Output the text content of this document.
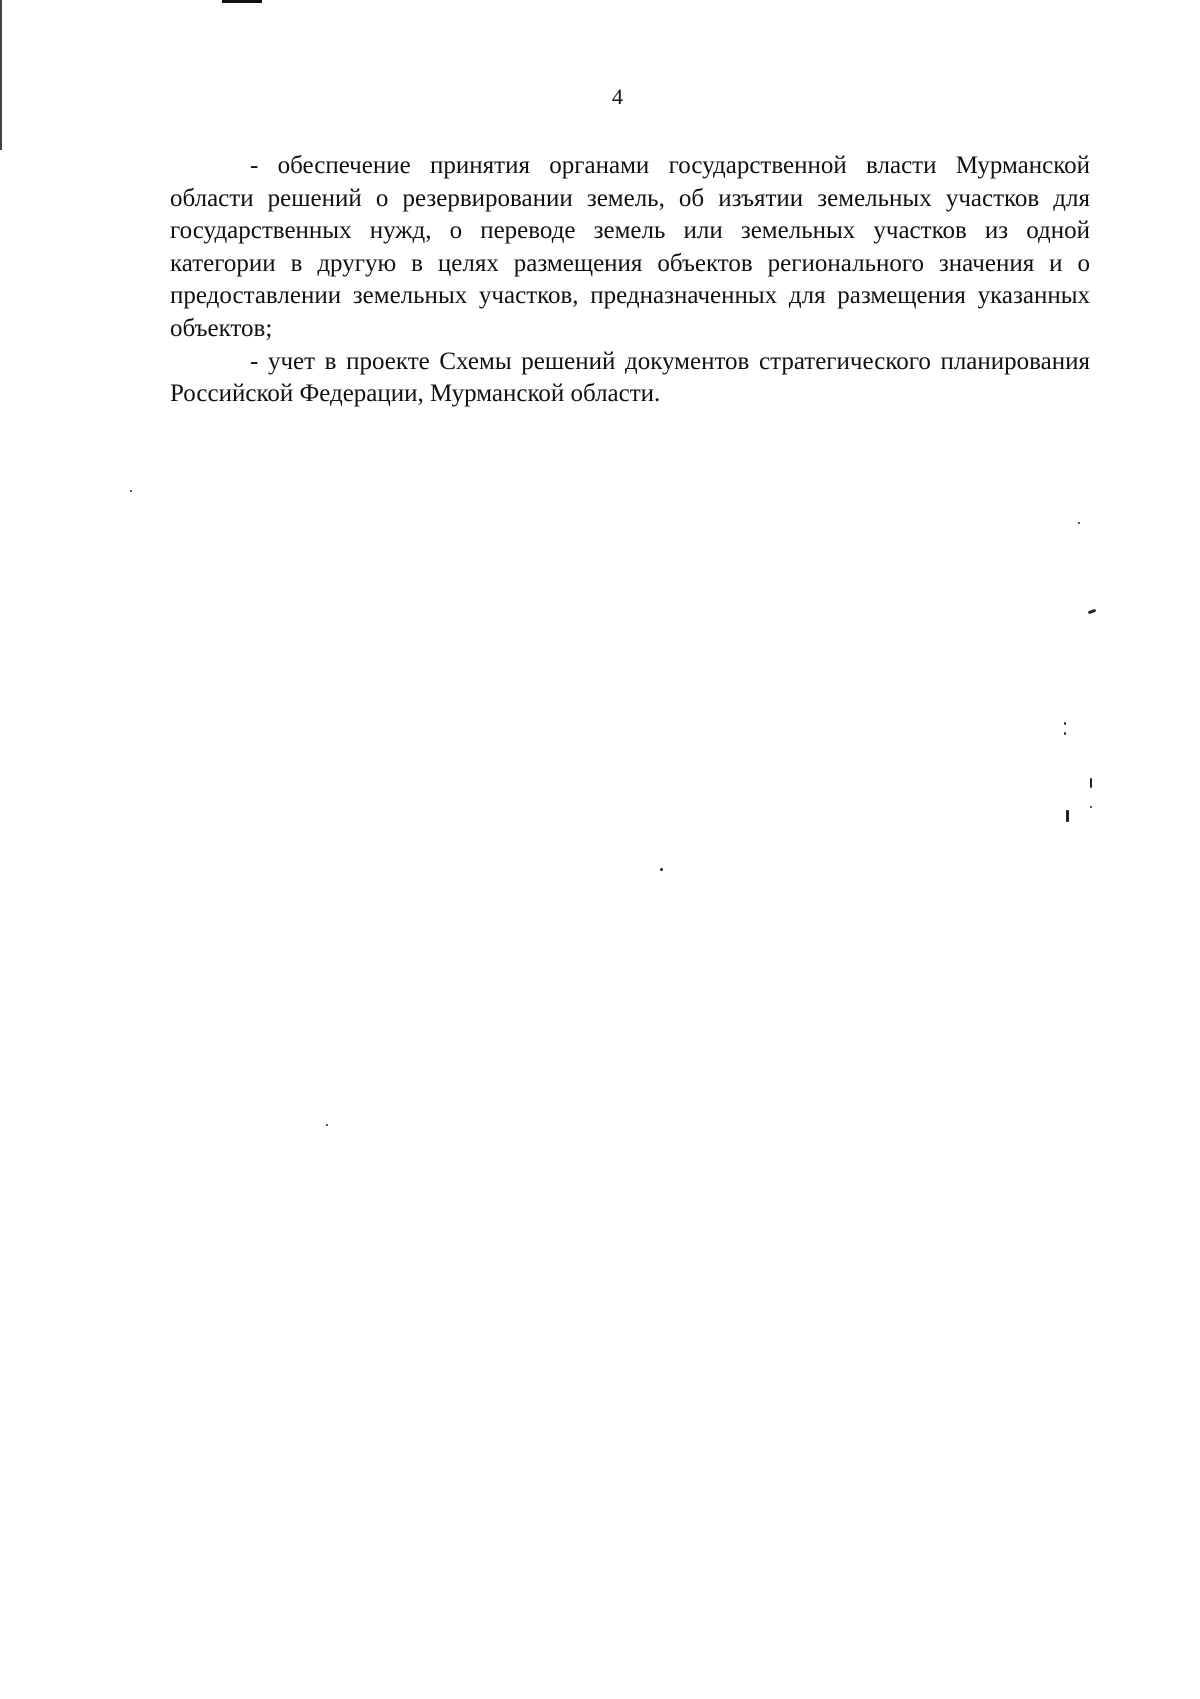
4

- обеспечение принятия органами государственной власти Мурманской области решений о резервировании земель, об изъятии земельных участков для государственных нужд, о переводе земель или земельных участков из одной категории в другую в целях размещения объектов регионального значения и о предоставлении земельных участков, предназначенных для размещения указанных объектов;

- учет в проекте Схемы решений документов стратегического планирования Российской Федерации, Мурманской области.
